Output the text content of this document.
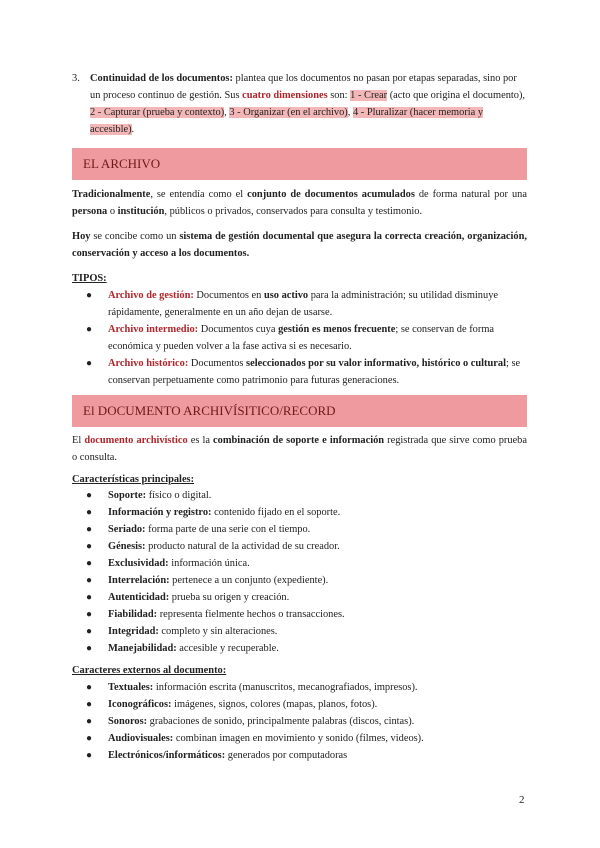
3. Continuidad de los documentos: plantea que los documentos no pasan por etapas separadas, sino por un proceso continuo de gestión. Sus cuatro dimensiones son: 1 - Crear (acto que origina el documento), 2 - Capturar (prueba y contexto), 3 - Organizar (en el archivo), 4 - Pluralizar (hacer memoria y accesible).
EL ARCHIVO

Tradicionalmente, se entendía como el conjunto de documentos acumulados de forma natural por una persona o institución, públicos o privados, conservados para consulta y testimonio.

Hoy se concibe como un sistema de gestión documental que asegura la correcta creación, organización, conservación y acceso a los documentos.

TIPOS:
● Archivo de gestión: Documentos en uso activo para la administración; su utilidad disminuye rápidamente, generalmente en un año dejan de usarse.
● Archivo intermedio: Documentos cuya gestión es menos frecuente; se conservan de forma económica y pueden volver a la fase activa si es necesario.
● Archivo histórico: Documentos seleccionados por su valor informativo, histórico o cultural; se conservan perpetuamente como patrimonio para futuras generaciones.
El DOCUMENTO ARCHIVÍSITICO/RECORD

El documento archivístico es la combinación de soporte e información registrada que sirve como prueba o consulta.

Características principales:
● Soporte: físico o digital.
● Información y registro: contenido fijado en el soporte.
● Seriado: forma parte de una serie con el tiempo.
● Génesis: producto natural de la actividad de su creador.
● Exclusividad: información única.
● Interrelación: pertenece a un conjunto (expediente).
● Autenticidad: prueba su origen y creación.
● Fiabilidad: representa fielmente hechos o transacciones.
● Integridad: completo y sin alteraciones.
● Manejabilidad: accesible y recuperable.
Caracteres externos al documento:
● Textuales: información escrita (manuscritos, mecanografiados, impresos).
● Iconográficos: imágenes, signos, colores (mapas, planos, fotos).
● Sonoros: grabaciones de sonido, principalmente palabras (discos, cintas).
● Audiovisuales: combinan imagen en movimiento y sonido (filmes, videos).
● Electrónicos/informáticos: generados por computadoras
2
